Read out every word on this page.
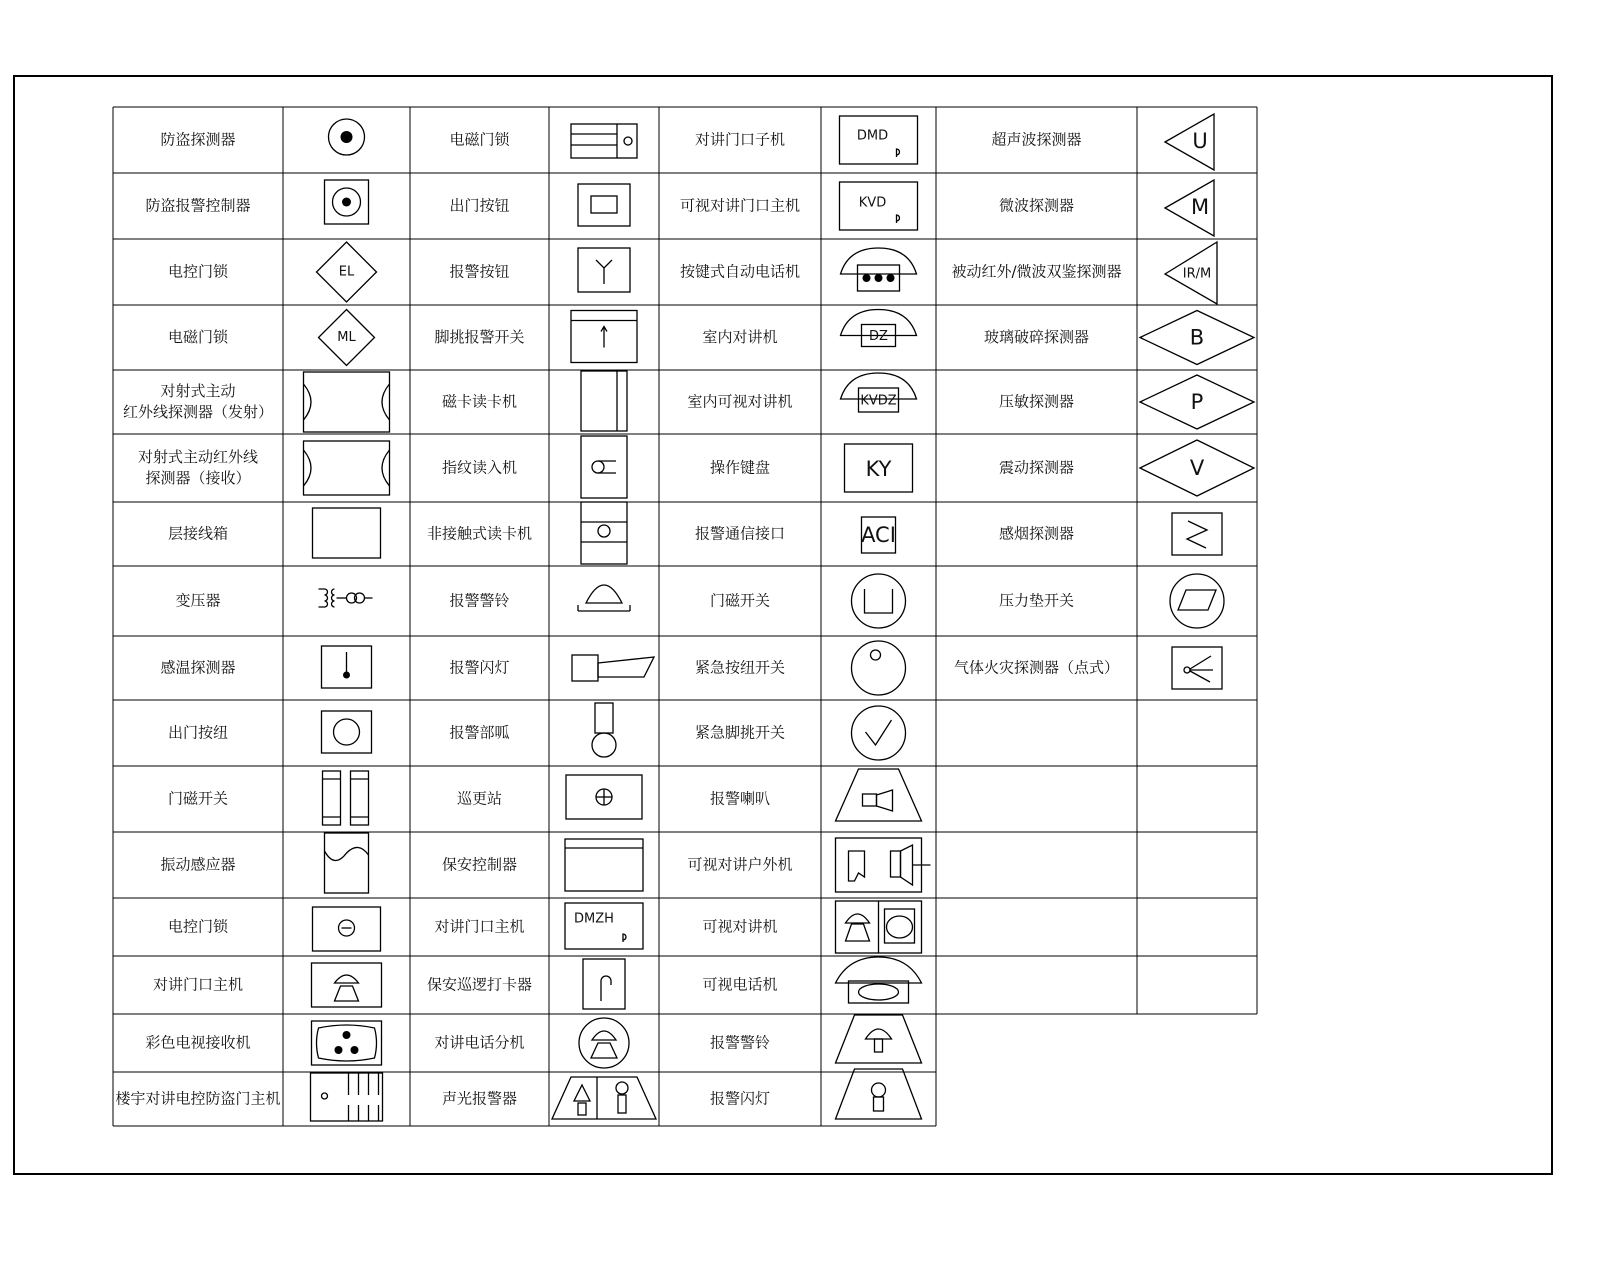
防盗探测器
防盗报警控制器
电控门锁
电磁门锁
对射式主动
红外线探测器（发射）
对射式主动红外线
探测器（接收）
层接线箱
变压器
感温探测器
出门按纽
门磁开关
振动感应器
电控门锁
对讲门口主机
彩色电视接收机
楼宇对讲电控防盗门主机
电磁门锁
出门按钮
报警按钮
脚挑报警开关
磁卡读卡机
指纹读入机
非接触式读卡机
报警警铃
报警闪灯
报警部呱
巡更站
保安控制器
对讲门口主机
保安巡逻打卡器
对讲电话分机
声光报警器
对讲门口子机
可视对讲门口主机
按键式自动电话机
室内对讲机
室内可视对讲机
操作键盘
报警通信接口
门磁开关
紧急按纽开关
紧急脚挑开关
报警喇叭
可视对讲户外机
可视对讲机
可视电话机
报警警铃
报警闪灯
超声波探测器
微波探测器
被动红外/微波双鉴探测器
玻璃破碎探测器
压敏探测器
震动探测器
感烟探测器
压力垫开关
气体火灾探测器（点式）
EL
ML
DMZH
DMD
KVD
DZ
KVDZ
KY
ACI
U
M
IR/M
B
P
V
